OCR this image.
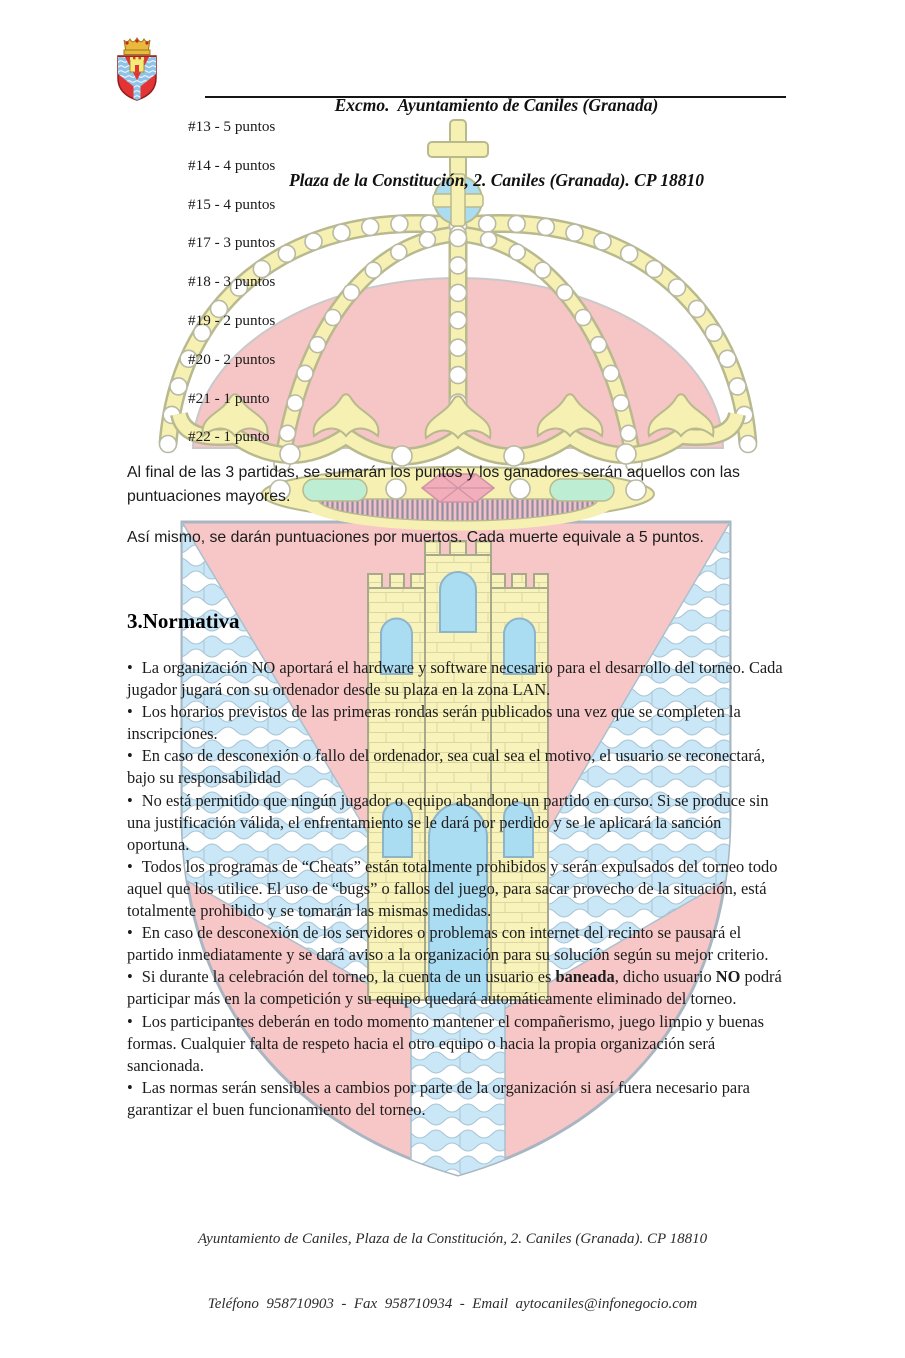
Excmo.  Ayuntamiento de Caniles (Granada)

Plaza de la Constitución, 2. Caniles (Granada). CP 18810

#13 - 5 puntos
#14 - 4 puntos
#15 - 4 puntos
#17 - 3 puntos
#18 - 3 puntos
#19 - 2 puntos
#20 - 2 puntos
#21 - 1 punto
#22 - 1 punto

Al final de las 3 partidas, se sumarán los puntos y los ganadores serán aquellos con las puntuaciones mayores.

Así mismo, se darán puntuaciones por muertos. Cada muerte equivale a 5 puntos.

3.Normativa

• La organización NO aportará el hardware y software necesario para el desarrollo del torneo. Cada jugador jugará con su ordenador desde su plaza en la zona LAN.

• Los horarios previstos de las primeras rondas serán publicados una vez que se completen la inscripciones.

• En caso de desconexión o fallo del ordenador, sea cual sea el motivo, el usuario se reconectará, bajo su responsabilidad

• No está permitido que ningún jugador o equipo abandone un partido en curso. Si se produce sin una justificación válida, el enfrentamiento se le dará por perdido y se le aplicará la sanción oportuna.

• Todos los programas de “Cheats” están totalmente prohibidos y serán expulsados del torneo todo aquel que los utilice. El uso de “bugs” o fallos del juego, para sacar provecho de la situación, está totalmente prohibido y se tomarán las mismas medidas.

• En caso de desconexión de los servidores o problemas con internet del recinto se pausará el partido inmediatamente y se dará aviso a la organización para su solución según su mejor criterio.

• Si durante la celebración del torneo, la cuenta de un usuario es baneada, dicho usuario NO podrá participar más en la competición y su equipo quedará automáticamente eliminado del torneo.

• Los participantes deberán en todo momento mantener el compañerismo, juego limpio y buenas formas. Cualquier falta de respeto hacia el otro equipo o hacia la propia organización será sancionada.

• Las normas serán sensibles a cambios por parte de la organización si así fuera necesario para garantizar el buen funcionamiento del torneo.

Ayuntamiento de Caniles, Plaza de la Constitución, 2. Caniles (Granada). CP 18810

Teléfono  958710903  -  Fax  958710934  -  Email  aytocaniles@infonegocio.com
